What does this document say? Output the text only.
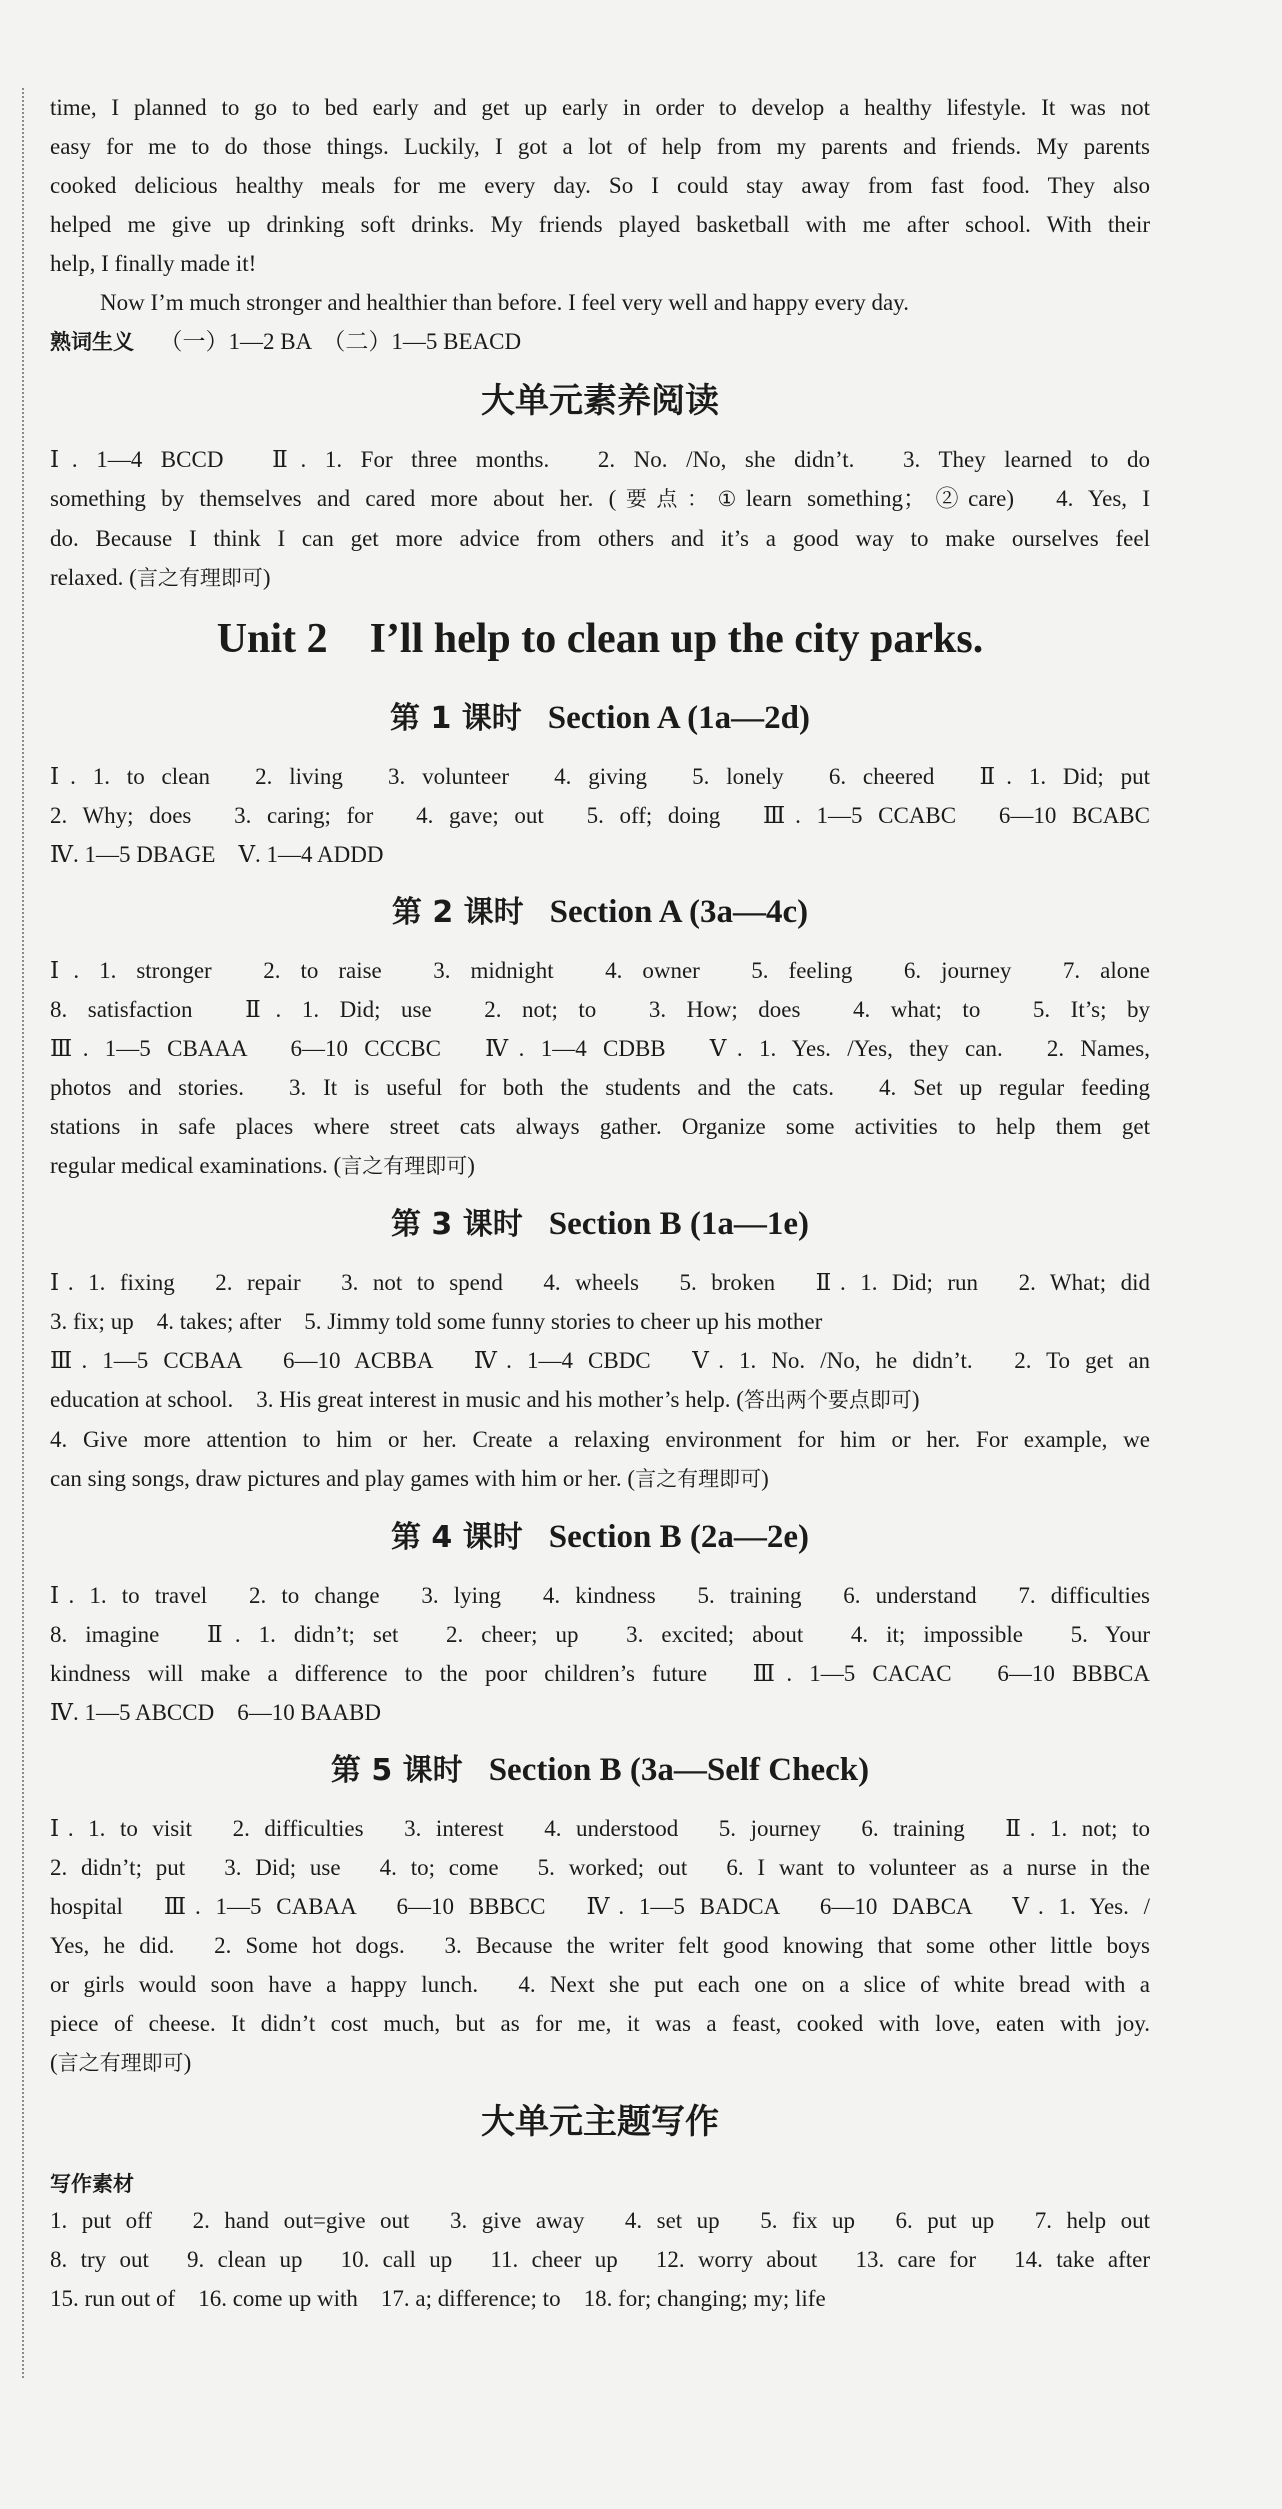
time, I planned to go to bed early and get up early in order to develop a healthy lifestyle. It was not

easy for me to do those things. Luckily, I got a lot of help from my parents and friends. My parents

cooked delicious healthy meals for me every day. So I could stay away from fast food. They also

helped me give up drinking soft drinks. My friends played basketball with me after school. With their

help, I finally made it!

Now I’m much stronger and healthier than before. I feel very well and happy every day.

熟词生义 （一）1—2 BA　（二）1—5 BEACD

大单元素养阅读

Ⅰ. 1—4 BCCD　Ⅱ. 1. For three months.　2. No. /No, she didn’t.　3. They learned to do

something by themselves and cared more about her. (要点：①learn something；②care)　4. Yes, I

do. Because I think I can get more advice from others and it’s a good way to make ourselves feel

relaxed. (言之有理即可)

Unit 2　I’ll help to clean up the city parks.
第 1 课时 Section A (1a—2d)

Ⅰ. 1. to clean　2. living　3. volunteer　4. giving　5. lonely　6. cheered　Ⅱ. 1. Did; put

2. Why; does　3. caring; for　4. gave; out　5. off; doing　Ⅲ. 1—5 CCABC　6—10 BCABC

Ⅳ. 1—5 DBAGE　Ⅴ. 1—4 ADDD

第 2 课时 Section A (3a—4c)

Ⅰ. 1. stronger　2. to raise　3. midnight　4. owner　5. feeling　6. journey　7. alone

8. satisfaction　Ⅱ. 1. Did; use　2. not; to　3. How; does　4. what; to　5. It’s; by

Ⅲ. 1—5 CBAAA　6—10 CCCBC　Ⅳ. 1—4 CDBB　Ⅴ. 1. Yes. /Yes, they can.　2. Names,

photos and stories.　3. It is useful for both the students and the cats.　4. Set up regular feeding

stations in safe places where street cats always gather. Organize some activities to help them get

regular medical examinations. (言之有理即可)

第 3 课时 Section B (1a—1e)

Ⅰ. 1. fixing　2. repair　3. not to spend　4. wheels　5. broken　Ⅱ. 1. Did; run　2. What; did

3. fix; up　4. takes; after　5. Jimmy told some funny stories to cheer up his mother

Ⅲ. 1—5 CCBAA　6—10 ACBBA　Ⅳ. 1—4 CBDC　Ⅴ. 1. No. /No, he didn’t.　2. To get an

education at school.　3. His great interest in music and his mother’s help. (答出两个要点即可)

4. Give more attention to him or her. Create a relaxing environment for him or her. For example, we

can sing songs, draw pictures and play games with him or her. (言之有理即可)

第 4 课时 Section B (2a—2e)

Ⅰ. 1. to travel　2. to change　3. lying　4. kindness　5. training　6. understand　7. difficulties

8. imagine　Ⅱ. 1. didn’t; set　2. cheer; up　3. excited; about　4. it; impossible　5. Your

kindness will make a difference to the poor children’s future　Ⅲ. 1—5 CACAC　6—10 BBBCA

Ⅳ. 1—5 ABCCD　6—10 BAABD

第 5 课时 Section B (3a—Self Check)

Ⅰ. 1. to visit　2. difficulties　3. interest　4. understood　5. journey　6. training　Ⅱ. 1. not; to

2. didn’t; put　3. Did; use　4. to; come　5. worked; out　6. I want to volunteer as a nurse in the

hospital　Ⅲ. 1—5 CABAA　6—10 BBBCC　Ⅳ. 1—5 BADCA　6—10 DABCA　Ⅴ. 1. Yes. /

Yes, he did.　2. Some hot dogs.　3. Because the writer felt good knowing that some other little boys

or girls would soon have a happy lunch.　4. Next she put each one on a slice of white bread with a

piece of cheese. It didn’t cost much, but as for me, it was a feast, cooked with love, eaten with joy.

(言之有理即可)

大单元主题写作
写作素材

1. put off　2. hand out=give out　3. give away　4. set up　5. fix up　6. put up　7. help out

8. try out　9. clean up　10. call up　11. cheer up　12. worry about　13. care for　14. take after

15. run out of　16. come up with　17. a; difference; to　18. for; changing; my; life
